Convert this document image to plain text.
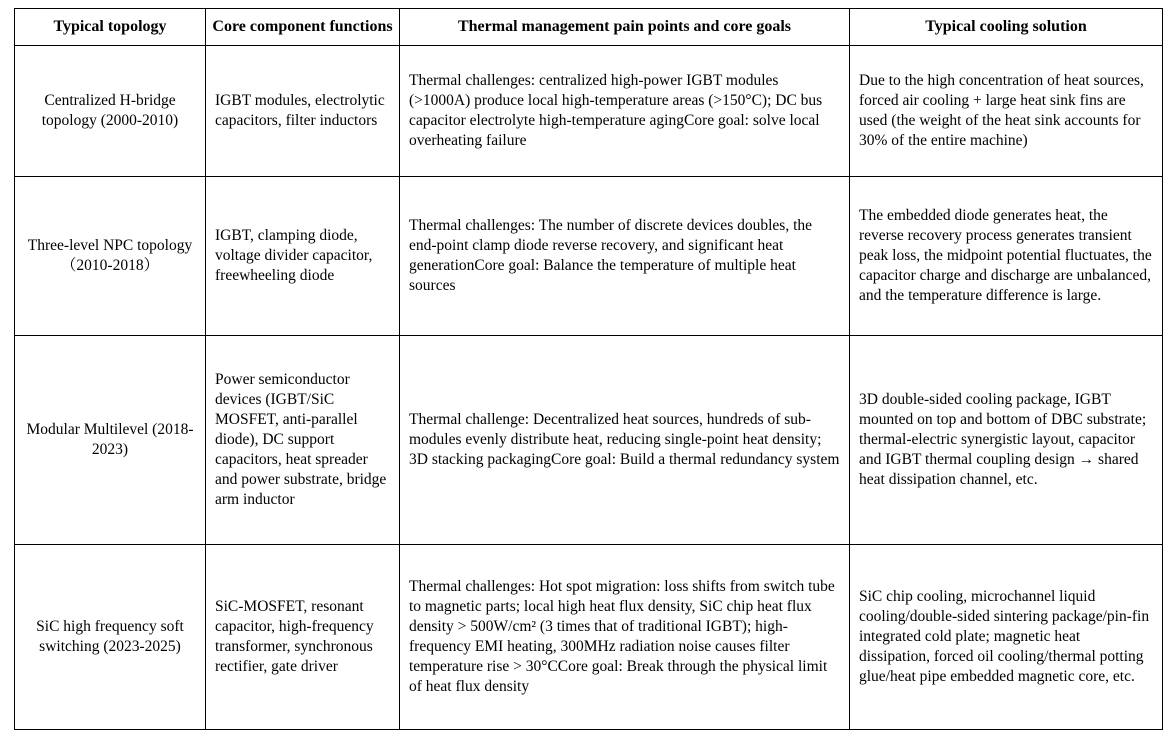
Typical topology	Core component functions	Thermal management pain points and core goals	Typical cooling solution
Centralized H-bridge topology (2000-2010)	IGBT modules, electrolytic capacitors, filter inductors	Thermal challenges: centralized high-power IGBT modules (>1000A) produce local high-temperature areas (>150°C); DC bus capacitor electrolyte high-temperature agingCore goal: solve local overheating failure	Due to the high concentration of heat sources, forced air cooling + large heat sink fins are used (the weight of the heat sink accounts for 30% of the entire machine)
Three-level NPC topology （2010-2018）	IGBT, clamping diode, voltage divider capacitor, freewheeling diode	Thermal challenges: The number of discrete devices doubles, the end-point clamp diode reverse recovery, and significant heat generationCore goal: Balance the temperature of multiple heat sources	The embedded diode generates heat, the reverse recovery process generates transient peak loss, the midpoint potential fluctuates, the capacitor charge and discharge are unbalanced, and the temperature difference is large.
Modular Multilevel (2018-2023)	Power semiconductor devices (IGBT/SiC MOSFET, anti-parallel diode), DC support capacitors, heat spreader and power substrate, bridge arm inductor	Thermal challenge: Decentralized heat sources, hundreds of sub-modules evenly distribute heat, reducing single-point heat density; 3D stacking packagingCore goal: Build a thermal redundancy system	3D double-sided cooling package, IGBT mounted on top and bottom of DBC substrate; thermal-electric synergistic layout, capacitor and IGBT thermal coupling design → shared heat dissipation channel, etc.
SiC high frequency soft switching (2023-2025)	SiC-MOSFET, resonant capacitor, high-frequency transformer, synchronous rectifier, gate driver	Thermal challenges: Hot spot migration: loss shifts from switch tube to magnetic parts; local high heat flux density, SiC chip heat flux density > 500W/cm² (3 times that of traditional IGBT); high-frequency EMI heating, 300MHz radiation noise causes filter temperature rise > 30°CCore goal: Break through the physical limit of heat flux density	SiC chip cooling, microchannel liquid cooling/double-sided sintering package/pin-fin integrated cold plate; magnetic heat dissipation, forced oil cooling/thermal potting glue/heat pipe embedded magnetic core, etc.
